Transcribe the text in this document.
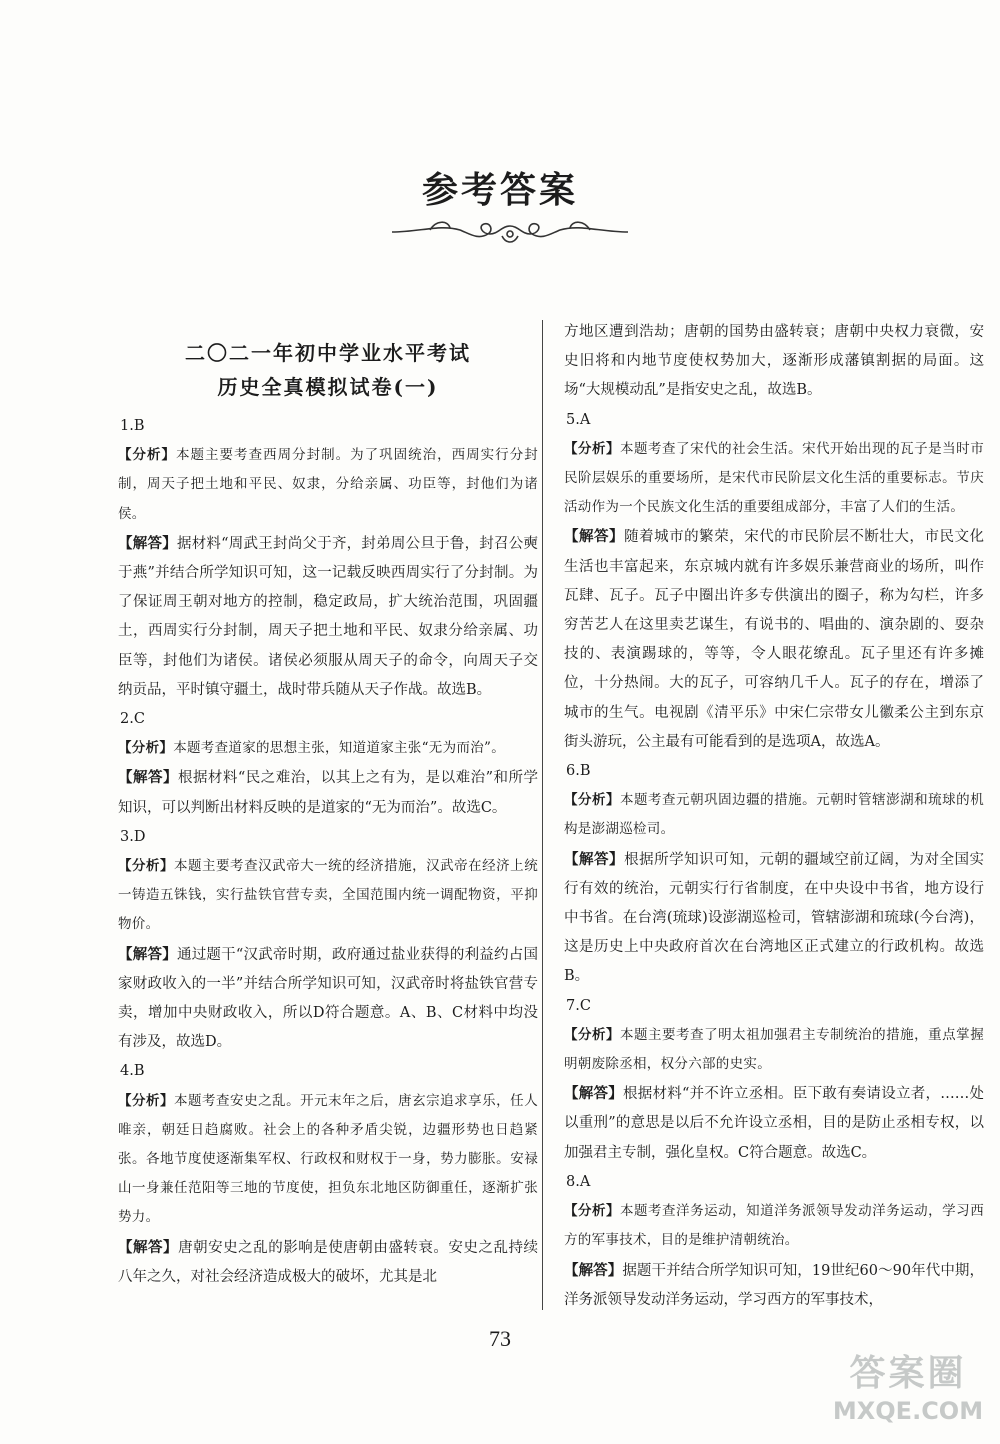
参考答案
二〇二一年初中学业水平考试
历史全真模拟试卷(一)

1.B

【分析】本题主要考查西周分封制。为了巩固统治，西周实行分封制，周天子把土地和平民、奴隶，分给亲属、功臣等，封他们为诸侯。

【解答】据材料“周武王封尚父于齐，封弟周公旦于鲁，封召公奭于燕”并结合所学知识可知，这一记载反映西周实行了分封制。为了保证周王朝对地方的控制，稳定政局，扩大统治范围，巩固疆土，西周实行分封制，周天子把土地和平民、奴隶分给亲属、功臣等，封他们为诸侯。诸侯必须服从周天子的命令，向周天子交纳贡品，平时镇守疆土，战时带兵随从天子作战。故选B。

2.C

【分析】本题考查道家的思想主张，知道道家主张“无为而治”。

【解答】根据材料“民之难治，以其上之有为，是以难治”和所学知识，可以判断出材料反映的是道家的“无为而治”。故选C。

3.D

【分析】本题主要考查汉武帝大一统的经济措施，汉武帝在经济上统一铸造五铢钱，实行盐铁官营专卖，全国范围内统一调配物资，平抑物价。

【解答】通过题干“汉武帝时期，政府通过盐业获得的利益约占国家财政收入的一半”并结合所学知识可知，汉武帝时将盐铁官营专卖，增加中央财政收入，所以D符合题意。A、B、C材料中均没有涉及，故选D。

4.B

【分析】本题考查安史之乱。开元末年之后，唐玄宗追求享乐，任人唯亲，朝廷日趋腐败。社会上的各种矛盾尖锐，边疆形势也日趋紧张。各地节度使逐渐集军权、行政权和财权于一身，势力膨胀。安禄山一身兼任范阳等三地的节度使，担负东北地区防御重任，逐渐扩张势力。

【解答】唐朝安史之乱的影响是使唐朝由盛转衰。安史之乱持续八年之久，对社会经济造成极大的破坏，尤其是北

方地区遭到浩劫；唐朝的国势由盛转衰；唐朝中央权力衰微，安史旧将和内地节度使权势加大，逐渐形成藩镇割据的局面。这场“大规模动乱”是指安史之乱，故选B。

5.A

【分析】本题考查了宋代的社会生活。宋代开始出现的瓦子是当时市民阶层娱乐的重要场所，是宋代市民阶层文化生活的重要标志。节庆活动作为一个民族文化生活的重要组成部分，丰富了人们的生活。

【解答】随着城市的繁荣，宋代的市民阶层不断壮大，市民文化生活也丰富起来，东京城内就有许多娱乐兼营商业的场所，叫作瓦肆、瓦子。瓦子中圈出许多专供演出的圈子，称为勾栏，许多穷苦艺人在这里卖艺谋生，有说书的、唱曲的、演杂剧的、耍杂技的、表演踢球的，等等，令人眼花缭乱。瓦子里还有许多摊位，十分热闹。大的瓦子，可容纳几千人。瓦子的存在，增添了城市的生气。电视剧《清平乐》中宋仁宗带女儿徽柔公主到东京街头游玩，公主最有可能看到的是选项A，故选A。

6.B

【分析】本题考查元朝巩固边疆的措施。元朝时管辖澎湖和琉球的机构是澎湖巡检司。

【解答】根据所学知识可知，元朝的疆域空前辽阔，为对全国实行有效的统治，元朝实行行省制度，在中央设中书省，地方设行中书省。在台湾(琉球)设澎湖巡检司，管辖澎湖和琉球(今台湾)，这是历史上中央政府首次在台湾地区正式建立的行政机构。故选B。

7.C

【分析】本题主要考查了明太祖加强君主专制统治的措施，重点掌握明朝废除丞相，权分六部的史实。

【解答】根据材料“并不许立丞相。臣下敢有奏请设立者，……处以重刑”的意思是以后不允许设立丞相，目的是防止丞相专权，以加强君主专制，强化皇权。C符合题意。故选C。

8.A

【分析】本题考查洋务运动，知道洋务派领导发动洋务运动，学习西方的军事技术，目的是维护清朝统治。

【解答】据题干并结合所学知识可知，19世纪60～90年代中期，洋务派领导发动洋务运动，学习西方的军事技术，

73
答案圈
MXQE.COM
